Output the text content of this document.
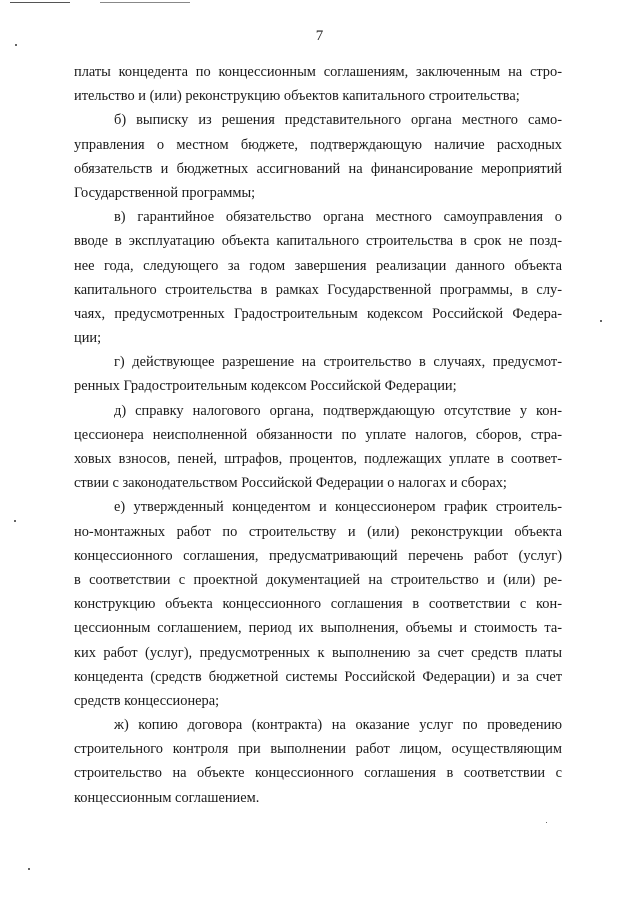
7
платы концедента по концессионным соглашениям, заключенным на стро-
ительство и (или) реконструкцию объектов капитального строительства;
б) выписку из решения представительного органа местного само-
управления о местном бюджете, подтверждающую наличие расходных
обязательств и бюджетных ассигнований на финансирование мероприятий
Государственной программы;
в) гарантийное обязательство органа местного самоуправления о
вводе в эксплуатацию объекта капитального строительства в срок не позд-
нее года, следующего за годом завершения реализации данного объекта
капитального строительства в рамках Государственной программы, в слу-
чаях, предусмотренных Градостроительным кодексом Российской Федера-
ции;
г) действующее разрешение на строительство в случаях, предусмот-
ренных Градостроительным кодексом Российской Федерации;
д) справку налогового органа, подтверждающую отсутствие у кон-
цессионера неисполненной обязанности по уплате налогов, сборов, стра-
ховых взносов, пеней, штрафов, процентов, подлежащих уплате в соответ-
ствии с законодательством Российской Федерации о налогах и сборах;
е) утвержденный концедентом и концессионером график строитель-
но-монтажных работ по строительству и (или) реконструкции объекта
концессионного соглашения, предусматривающий перечень работ (услуг)
в соответствии с проектной документацией на строительство и (или) ре-
конструкцию объекта концессионного соглашения в соответствии с кон-
цессионным соглашением, период их выполнения, объемы и стоимость та-
ких работ (услуг), предусмотренных к выполнению за счет средств платы
концедента (средств бюджетной системы Российской Федерации) и за счет
средств концессионера;
ж) копию договора (контракта) на оказание услуг по проведению
строительного контроля при выполнении работ лицом, осуществляющим
строительство на объекте концессионного соглашения в соответствии с
концессионным соглашением.
